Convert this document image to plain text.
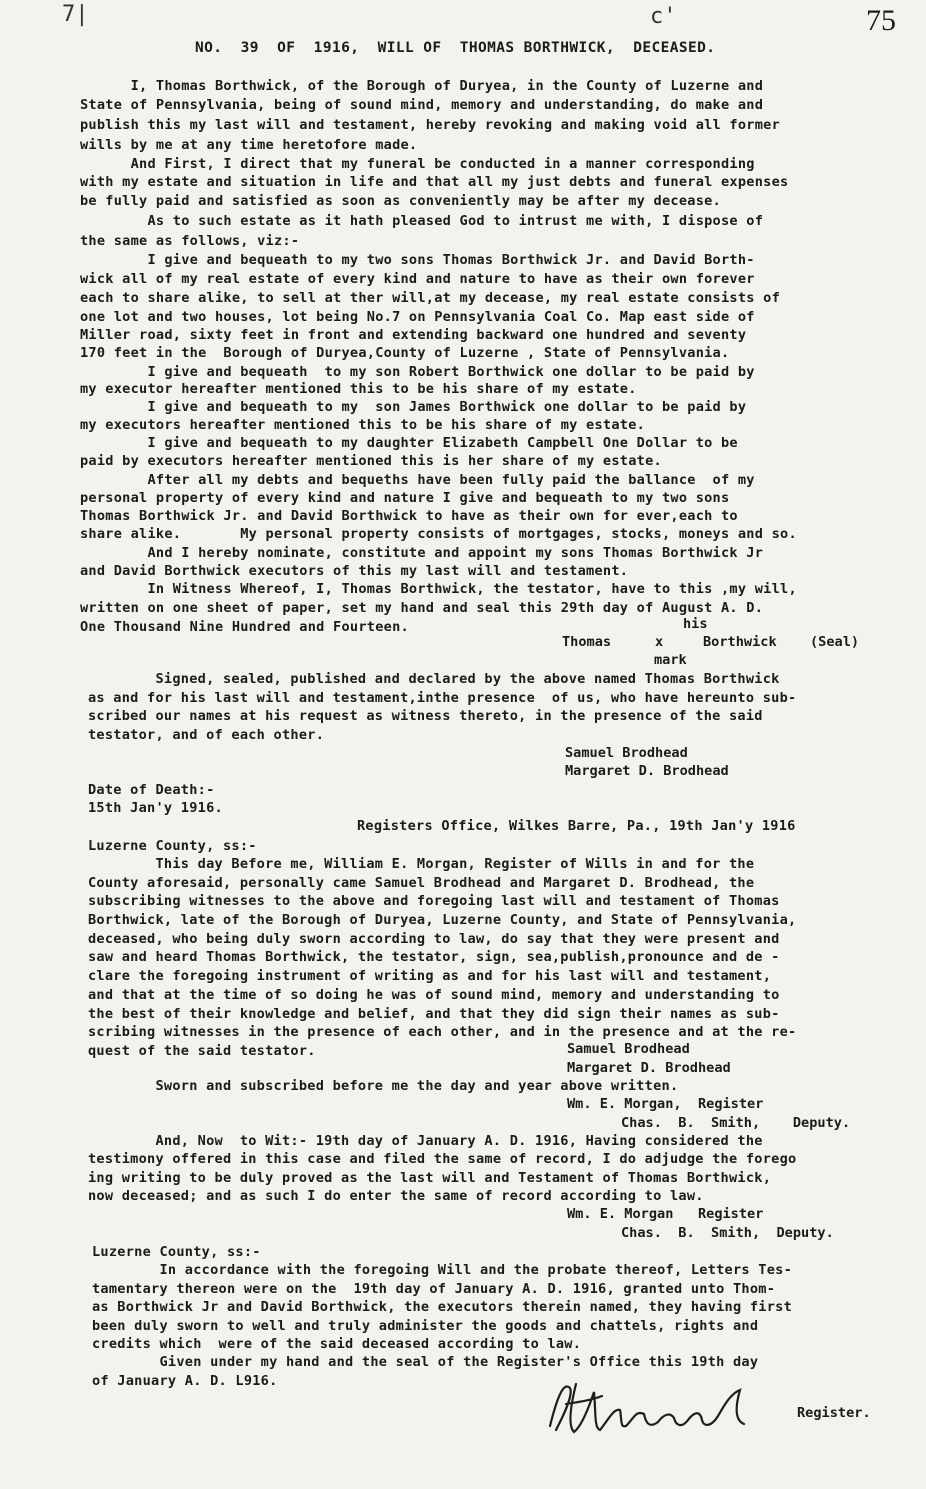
7|	c'	75
NO.  39  OF  1916,  WILL OF  THOMAS BORTHWICK,  DECEASED.
I, Thomas Borthwick, of the Borough of Duryea, in the County of Luzerne and
State of Pennsylvania, being of sound mind, memory and understanding, do make and
publish this my last will and testament, hereby revoking and making void all former
wills by me at any time heretofore made.
And First, I direct that my funeral be conducted in a manner corresponding
with my estate and situation in life and that all my just debts and funeral expenses
be fully paid and satisfied as soon as conveniently may be after my decease.
As to such estate as it hath pleased God to intrust me with, I dispose of
the same as follows, viz:-
I give and bequeath to my two sons Thomas Borthwick Jr. and David Borth-
wick all of my real estate of every kind and nature to have as their own forever
each to share alike, to sell at ther will,at my decease, my real estate consists of
one lot and two houses, lot being No.7 on Pennsylvania Coal Co. Map east side of
Miller road, sixty feet in front and extending backward one hundred and seventy
170 feet in the  Borough of Duryea,County of Luzerne , State of Pennsylvania.
I give and bequeath  to my son Robert Borthwick one dollar to be paid by
my executor hereafter mentioned this to be his share of my estate.
I give and bequeath to my  son James Borthwick one dollar to be paid by
my executors hereafter mentioned this to be his share of my estate.
I give and bequeath to my daughter Elizabeth Campbell One Dollar to be
paid by executors hereafter mentioned this is her share of my estate.
After all my debts and bequeths have been fully paid the ballance  of my
personal property of every kind and nature I give and bequeath to my two sons
Thomas Borthwick Jr. and David Borthwick to have as their own for ever,each to
share alike.       My personal property consists of mortgages, stocks, moneys and so.
And I hereby nominate, constitute and appoint my sons Thomas Borthwick Jr
and David Borthwick executors of this my last will and testament.
In Witness Whereof, I, Thomas Borthwick, the testator, have to this ,my will,
written on one sheet of paper, set my hand and seal this 29th day of August A. D.
One Thousand Nine Hundred and Fourteen.	his
Thomas	x	Borthwick (Seal)
mark
Signed, sealed, published and declared by the above named Thomas Borthwick
as and for his last will and testament,inthe presence  of us, who have hereunto sub-
scribed our names at his request as witness thereto, in the presence of the said
testator, and of each other.
Samuel Brodhead
Margaret D. Brodhead
Date of Death:-
15th Jan'y 1916.
Registers Office, Wilkes Barre, Pa., 19th Jan'y 1916
Luzerne County, ss:-
This day Before me, William E. Morgan, Register of Wills in and for the
County aforesaid, personally came Samuel Brodhead and Margaret D. Brodhead, the
subscribing witnesses to the above and foregoing last will and testament of Thomas
Borthwick, late of the Borough of Duryea, Luzerne County, and State of Pennsylvania,
deceased, who being duly sworn according to law, do say that they were present and
saw and heard Thomas Borthwick, the testator, sign, sea,publish,pronounce and de -
clare the foregoing instrument of writing as and for his last will and testament,
and that at the time of so doing he was of sound mind, memory and understanding to
the best of their knowledge and belief, and that they did sign their names as sub-
scribing witnesses in the presence of each other, and in the presence and at the re-
quest of the said testator.	Samuel Brodhead
Margaret D. Brodhead
Sworn and subscribed before me the day and year above written.
Wm. E. Morgan,  Register
Chas.  B.  Smith,    Deputy.
And, Now  to Wit:- 19th day of January A. D. 1916, Having considered the
testimony offered in this case and filed the same of record, I do adjudge the forego
ing writing to be duly proved as the last will and Testament of Thomas Borthwick,
now deceased; and as such I do enter the same of record according to law.
Wm. E. Morgan   Register
Chas.  B.  Smith,  Deputy.
Luzerne County, ss:-
In accordance with the foregoing Will and the probate thereof, Letters Tes-
tamentary thereon were on the  19th day of January A. D. 1916, granted unto Thom-
as Borthwick Jr and David Borthwick, the executors therein named, they having first
been duly sworn to well and truly administer the goods and chattels, rights and
credits which  were of the said deceased according to law.
Given under my hand and the seal of the Register's Office this 19th day
of January A. D. L916.
Register.
